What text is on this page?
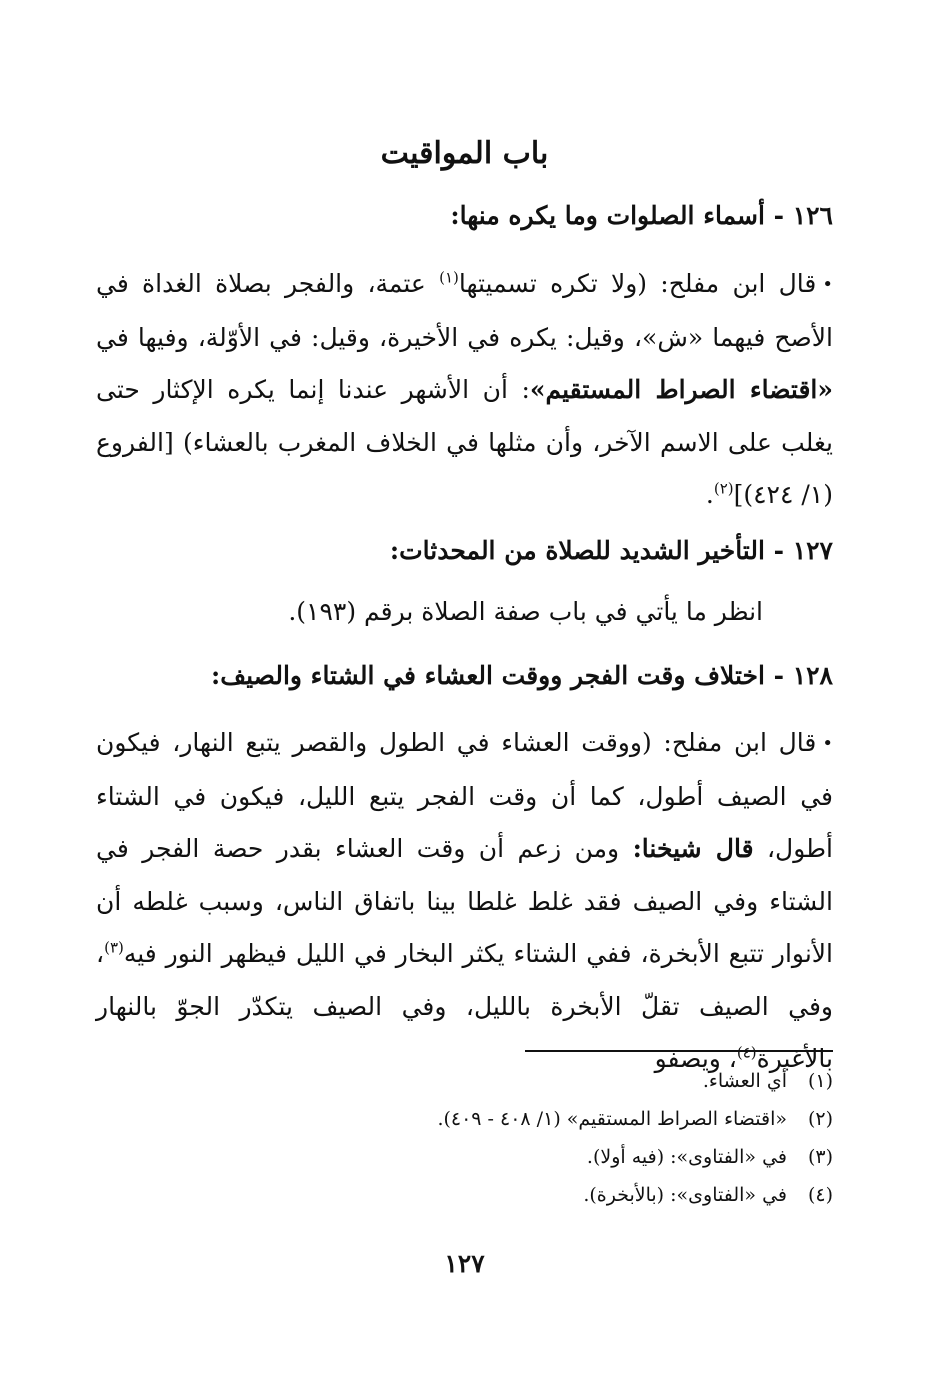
باب المواقيت
١٢٦ - أسماء الصلوات وما يكره منها:

•قال ابن مفلح: (ولا تكره تسميتها$^{(١)}$ عتمة، والفجر بصلاة الغداة في الأصح فيهما «ش»، وقيل: يكره في الأخيرة، وقيل: في الأوّلة، وفيها في «اقتضاء الصراط المستقيم»: أن الأشهر عندنا إنما يكره الإكثار حتى يغلب على الاسم الآخر، وأن مثلها في الخلاف المغرب بالعشاء) [الفروع (١/ ٤٢٤)]$^{(٢)}$.

١٢٧ - التأخير الشديد للصلاة من المحدثات:
انظر ما يأتي في باب صفة الصلاة برقم (١٩٣).
١٢٨ - اختلاف وقت الفجر ووقت العشاء في الشتاء والصيف:

•قال ابن مفلح: (ووقت العشاء في الطول والقصر يتبع النهار، فيكون في الصيف أطول، كما أن وقت الفجر يتبع الليل، فيكون في الشتاء أطول، قال شيخنا: ومن زعم أن وقت العشاء بقدر حصة الفجر في الشتاء وفي الصيف فقد غلط غلطا بينا باتفاق الناس، وسبب غلطه أن الأنوار تتبع الأبخرة، ففي الشتاء يكثر البخار في الليل فيظهر النور فيه$^{(٣)}$، وفي الصيف تقلّ الأبخرة بالليل، وفي الصيف يتكدّر الجوّ بالنهار بالأغبرة$^{(٤)}$، ويصفو

(١)أي العشاء.
(٢)«اقتضاء الصراط المستقيم» (١/ ٤٠٨ - ٤٠٩).
(٣)في «الفتاوى»: (فيه أولا).
(٤)في «الفتاوى»: (بالأبخرة).
١٢٧
